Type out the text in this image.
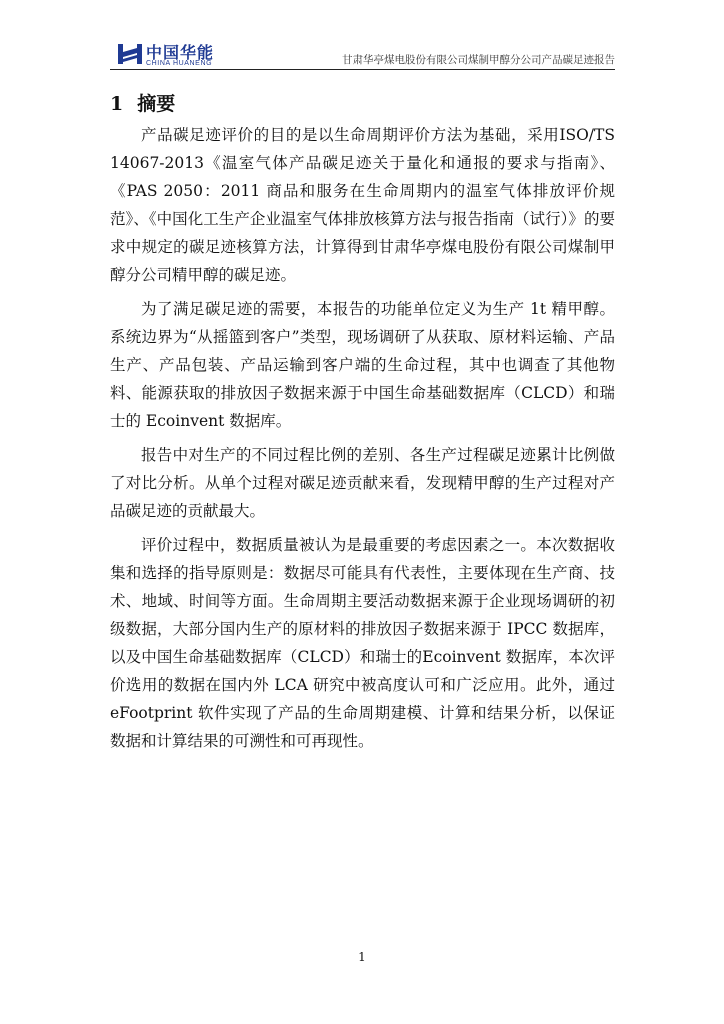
中国华能
CHINA HUANENG	甘肃华亭煤电股份有限公司煤制甲醇分公司产品碳足迹报告
1 摘要

产品碳足迹评价的目的是以生命周期评价方法为基础，采用ISO/TS 14067-2013《温室气体产品碳足迹关于量化和通报的要求与指南》、《PAS 2050：2011 商品和服务在生命周期内的温室气体排放评价规范》、《中国化工生产企业温室气体排放核算方法与报告指南（试行）》的要求中规定的碳足迹核算方法，计算得到甘肃华亭煤电股份有限公司煤制甲醇分公司精甲醇的碳足迹。

为了满足碳足迹的需要，本报告的功能单位定义为生产 1t 精甲醇。系统边界为“从摇篮到客户”类型，现场调研了从获取、原材料运输、产品生产、产品包装、产品运输到客户端的生命过程，其中也调查了其他物料、能源获取的排放因子数据来源于中国生命基础数据库（CLCD）和瑞士的 Ecoinvent 数据库。

报告中对生产的不同过程比例的差别、各生产过程碳足迹累计比例做了对比分析。从单个过程对碳足迹贡献来看，发现精甲醇的生产过程对产品碳足迹的贡献最大。

评价过程中，数据质量被认为是最重要的考虑因素之一。本次数据收集和选择的指导原则是：数据尽可能具有代表性，主要体现在生产商、技术、地域、时间等方面。生命周期主要活动数据来源于企业现场调研的初级数据，大部分国内生产的原材料的排放因子数据来源于 IPCC 数据库，以及中国生命基础数据库（CLCD）和瑞士的Ecoinvent 数据库，本次评价选用的数据在国内外 LCA 研究中被高度认可和广泛应用。此外，通过 eFootprint 软件实现了产品的生命周期建模、计算和结果分析，以保证数据和计算结果的可溯性和可再现性。

1
